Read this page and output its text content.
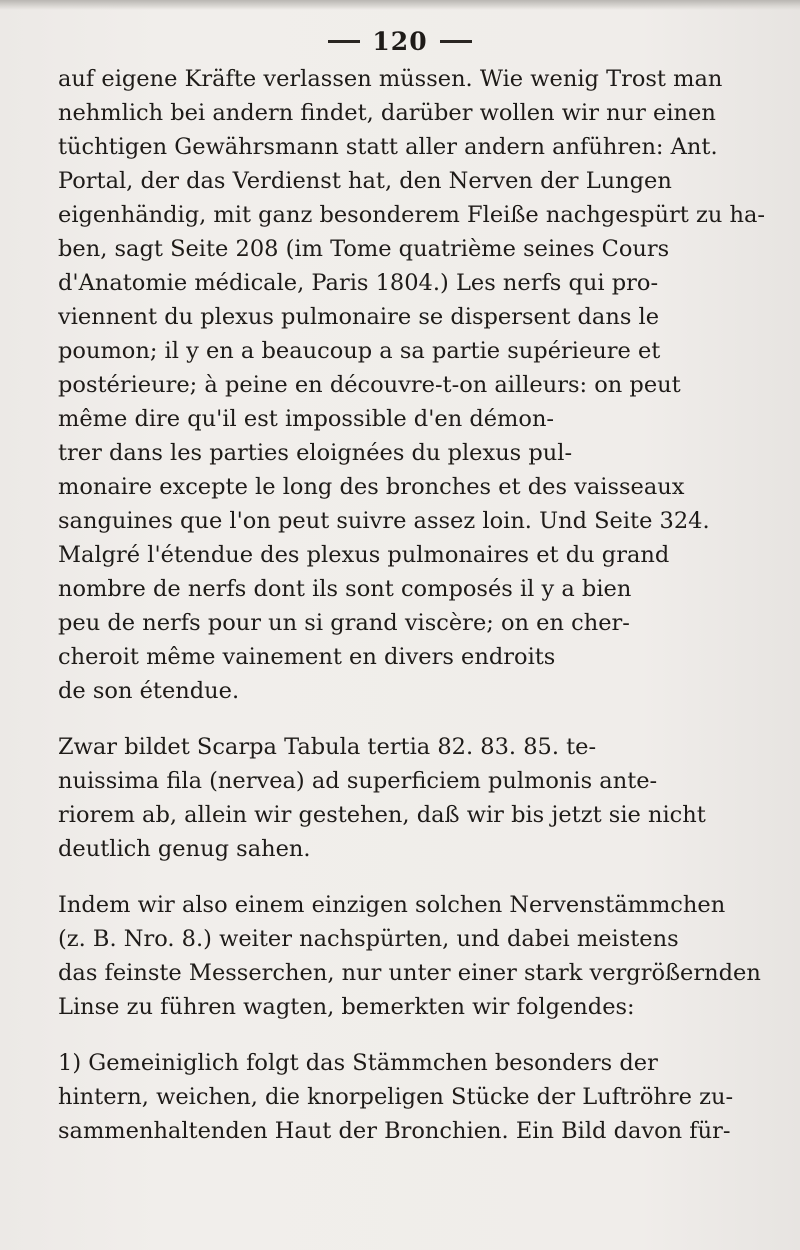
120
auf eigene Kräfte verlassen müssen. Wie wenig Trost man
nehmlich bei andern findet, darüber wollen wir nur einen
tüchtigen Gewährsmann statt aller andern anführen: Ant.
Portal, der das Verdienst hat, den Nerven der Lungen
eigenhändig, mit ganz besonderem Fleiße nachgespürt zu ha-
ben, sagt Seite 208 (im Tome quatrième seines Cours
d'Anatomie médicale, Paris 1804.) Les nerfs qui pro-
viennent du plexus pulmonaire se dispersent dans le
poumon; il y en a beaucoup a sa partie supérieure et
postérieure; à peine en découvre-t-on ailleurs: on peut
même dire qu'il est impossible d'en démon-
trer dans les parties eloignées du plexus pul-
monaire excepte le long des bronches et des vaisseaux
sanguines que l'on peut suivre assez loin. Und Seite 324.
Malgré l'étendue des plexus pulmonaires et du grand
nombre de nerfs dont ils sont composés il y a bien
peu de nerfs pour un si grand viscère; on en cher-
cheroit même vainement en divers endroits
de son étendue.
Zwar bildet Scarpa Tabula tertia 82. 83. 85. te-
nuissima fila (nervea) ad superficiem pulmonis ante-
riorem ab, allein wir gestehen, daß wir bis jetzt sie nicht
deutlich genug sahen.
Indem wir also einem einzigen solchen Nervenstämmchen
(z. B. Nro. 8.) weiter nachspürten, und dabei meistens
das feinste Messerchen, nur unter einer stark vergrößernden
Linse zu führen wagten, bemerkten wir folgendes:
1) Gemeiniglich folgt das Stämmchen besonders der
hintern, weichen, die knorpeligen Stücke der Luftröhre zu-
sammenhaltenden Haut der Bronchien. Ein Bild davon für-
